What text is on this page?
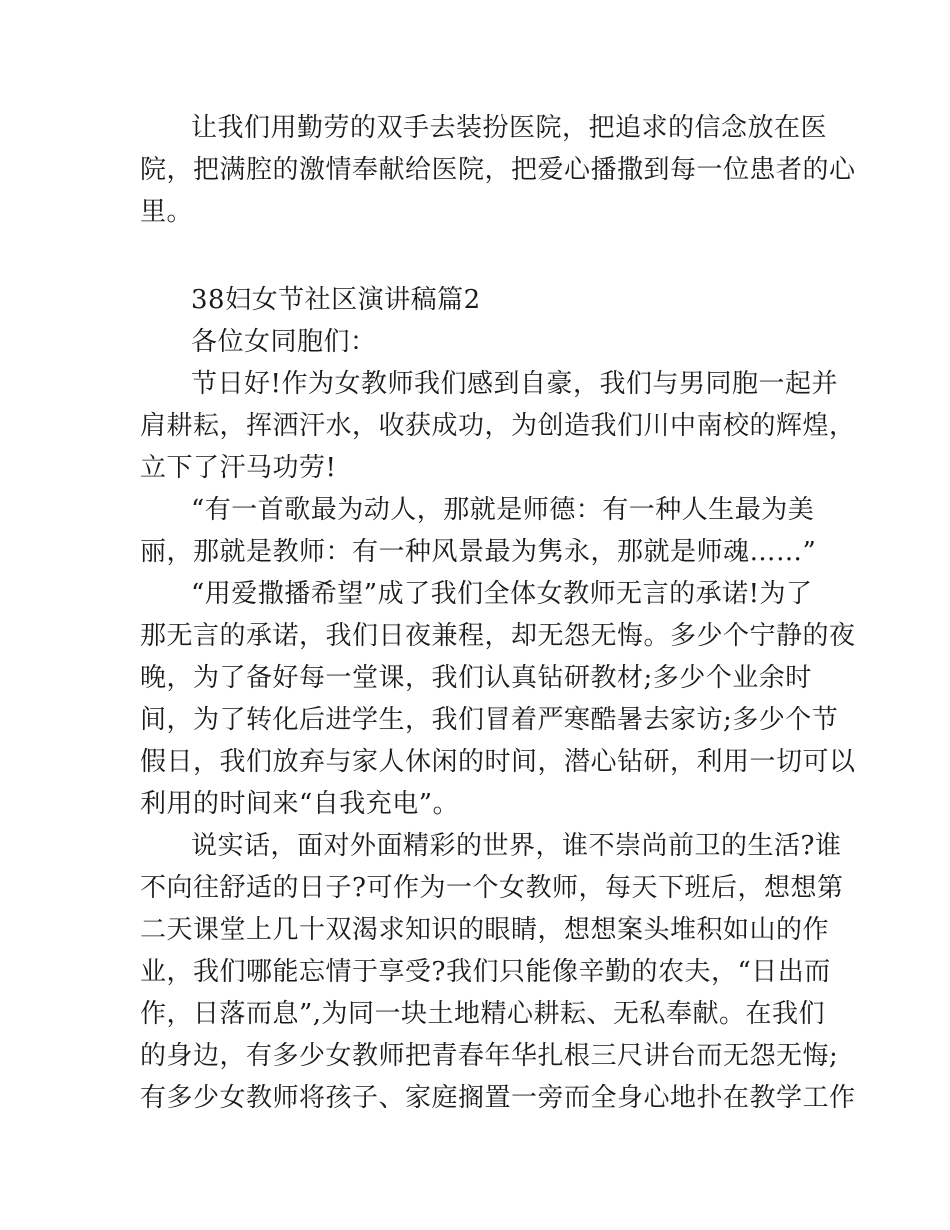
让我们用勤劳的双手去装扮医院，把追求的信念放在医
院，把满腔的激情奉献给医院，把爱心播撒到每一位患者的心
里。
38妇女节社区演讲稿篇2
各位女同胞们：
节日好!作为女教师我们感到自豪，我们与男同胞一起并
肩耕耘，挥洒汗水，收获成功，为创造我们川中南校的辉煌，
立下了汗马功劳!
“有一首歌最为动人，那就是师德：有一种人生最为美
丽，那就是教师：有一种风景最为隽永，那就是师魂……”
“用爱撒播希望”成了我们全体女教师无言的承诺!为了
那无言的承诺，我们日夜兼程，却无怨无悔。多少个宁静的夜
晚，为了备好每一堂课，我们认真钻研教材;多少个业余时
间，为了转化后进学生，我们冒着严寒酷暑去家访;多少个节
假日，我们放弃与家人休闲的时间，潜心钻研，利用一切可以
利用的时间来“自我充电”。
说实话，面对外面精彩的世界，谁不崇尚前卫的生活?谁
不向往舒适的日子?可作为一个女教师，每天下班后，想想第
二天课堂上几十双渴求知识的眼睛，想想案头堆积如山的作
业，我们哪能忘情于享受?我们只能像辛勤的农夫，“日出而
作，日落而息”,为同一块土地精心耕耘、无私奉献。在我们
的身边，有多少女教师把青春年华扎根三尺讲台而无怨无悔;
有多少女教师将孩子、家庭搁置一旁而全身心地扑在教学工作
